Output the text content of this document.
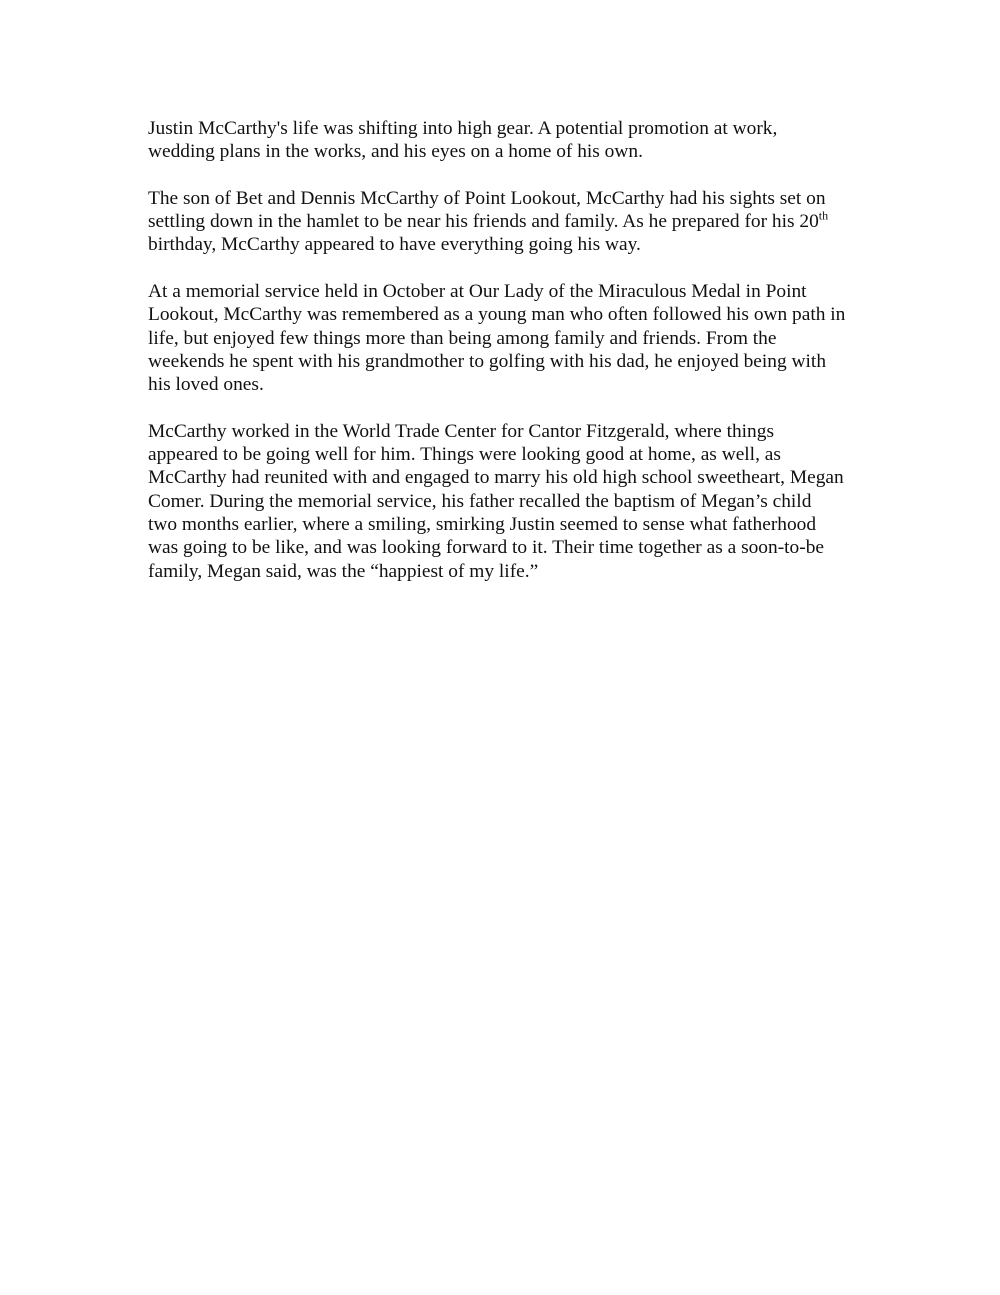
Justin McCarthy's life was shifting into high gear. A potential promotion at work,
wedding plans in the works, and his eyes on a home of his own.

The son of Bet and Dennis McCarthy of Point Lookout, McCarthy had his sights set on
settling down in the hamlet to be near his friends and family. As he prepared for his 20th
birthday, McCarthy appeared to have everything going his way.

At a memorial service held in October at Our Lady of the Miraculous Medal in Point
Lookout, McCarthy was remembered as a young man who often followed his own path in
life, but enjoyed few things more than being among family and friends. From the
weekends he spent with his grandmother to golfing with his dad, he enjoyed being with
his loved ones.

McCarthy worked in the World Trade Center for Cantor Fitzgerald, where things
appeared to be going well for him. Things were looking good at home, as well, as
McCarthy had reunited with and engaged to marry his old high school sweetheart, Megan
Comer. During the memorial service, his father recalled the baptism of Megan’s child
two months earlier, where a smiling, smirking Justin seemed to sense what fatherhood
was going to be like, and was looking forward to it. Their time together as a soon-to-be
family, Megan said, was the “happiest of my life.”
